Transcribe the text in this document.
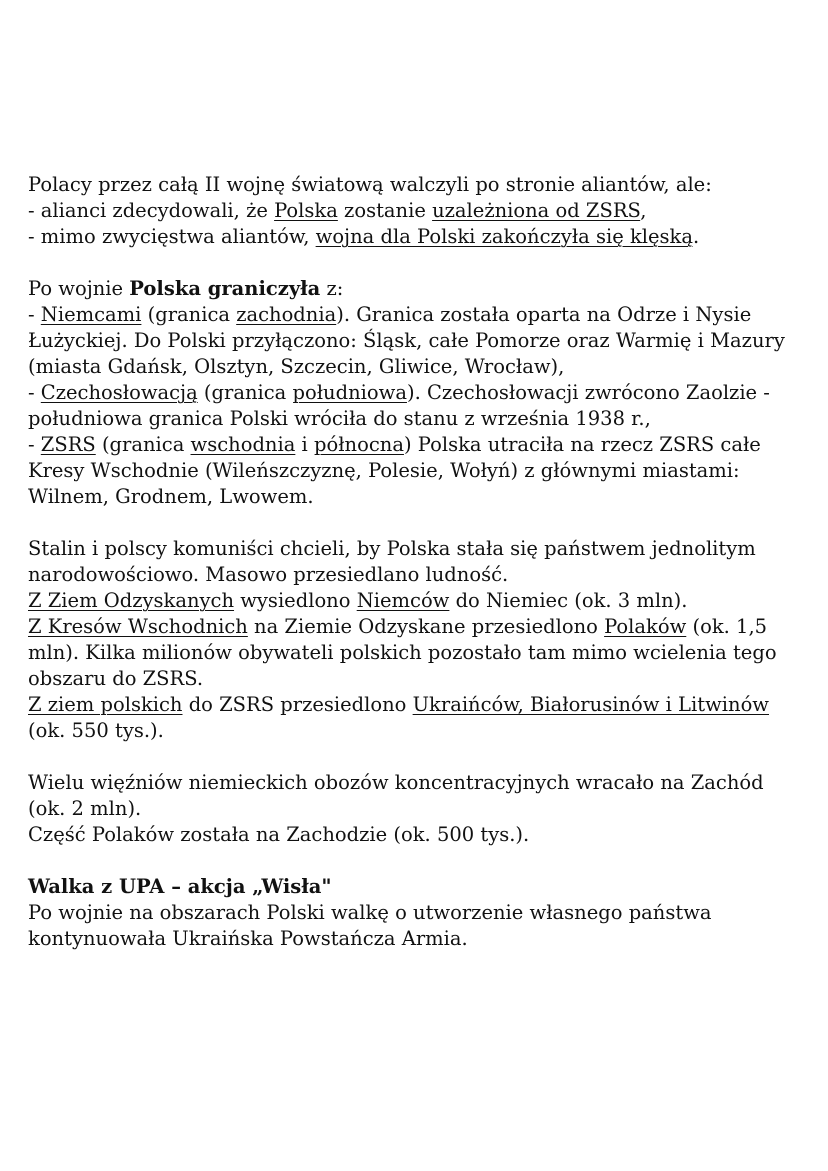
Polacy przez całą II wojnę światową walczyli po stronie aliantów, ale:

- alianci zdecydowali, że Polska zostanie uzależniona od ZSRS,

- mimo zwycięstwa aliantów, wojna dla Polski zakończyła się klęską.

Po wojnie Polska graniczyła z:

- Niemcami (granica zachodnia). Granica została oparta na Odrze i Nysie Łużyckiej. Do Polski przyłączono: Śląsk, całe Pomorze oraz Warmię i Mazury (miasta Gdańsk, Olsztyn, Szczecin, Gliwice, Wrocław),

- Czechosłowacją (granica południowa). Czechosłowacji zwrócono Zaolzie - południowa granica Polski wróciła do stanu z września 1938 r.,

- ZSRS (granica wschodnia i północna) Polska utraciła na rzecz ZSRS całe Kresy Wschodnie (Wileńszczyznę, Polesie, Wołyń) z głównymi miastami: Wilnem, Grodnem, Lwowem.

Stalin i polscy komuniści chcieli, by Polska stała się państwem jednolitym narodowościowo. Masowo przesiedlano ludność.

Z Ziem Odzyskanych wysiedlono Niemców do Niemiec (ok. 3 mln).

Z Kresów Wschodnich na Ziemie Odzyskane przesiedlono Polaków (ok. 1,5 mln). Kilka milionów obywateli polskich pozostało tam mimo wcielenia tego obszaru do ZSRS.

Z ziem polskich do ZSRS przesiedlono Ukraińców, Białorusinów i Litwinów (ok. 550 tys.).

Wielu więźniów niemieckich obozów koncentracyjnych wracało na Zachód (ok. 2 mln).

Część Polaków została na Zachodzie (ok. 500 tys.).

Walka z UPA – akcja „Wisła"

Po wojnie na obszarach Polski walkę o utworzenie własnego państwa kontynuowała Ukraińska Powstańcza Armia.
